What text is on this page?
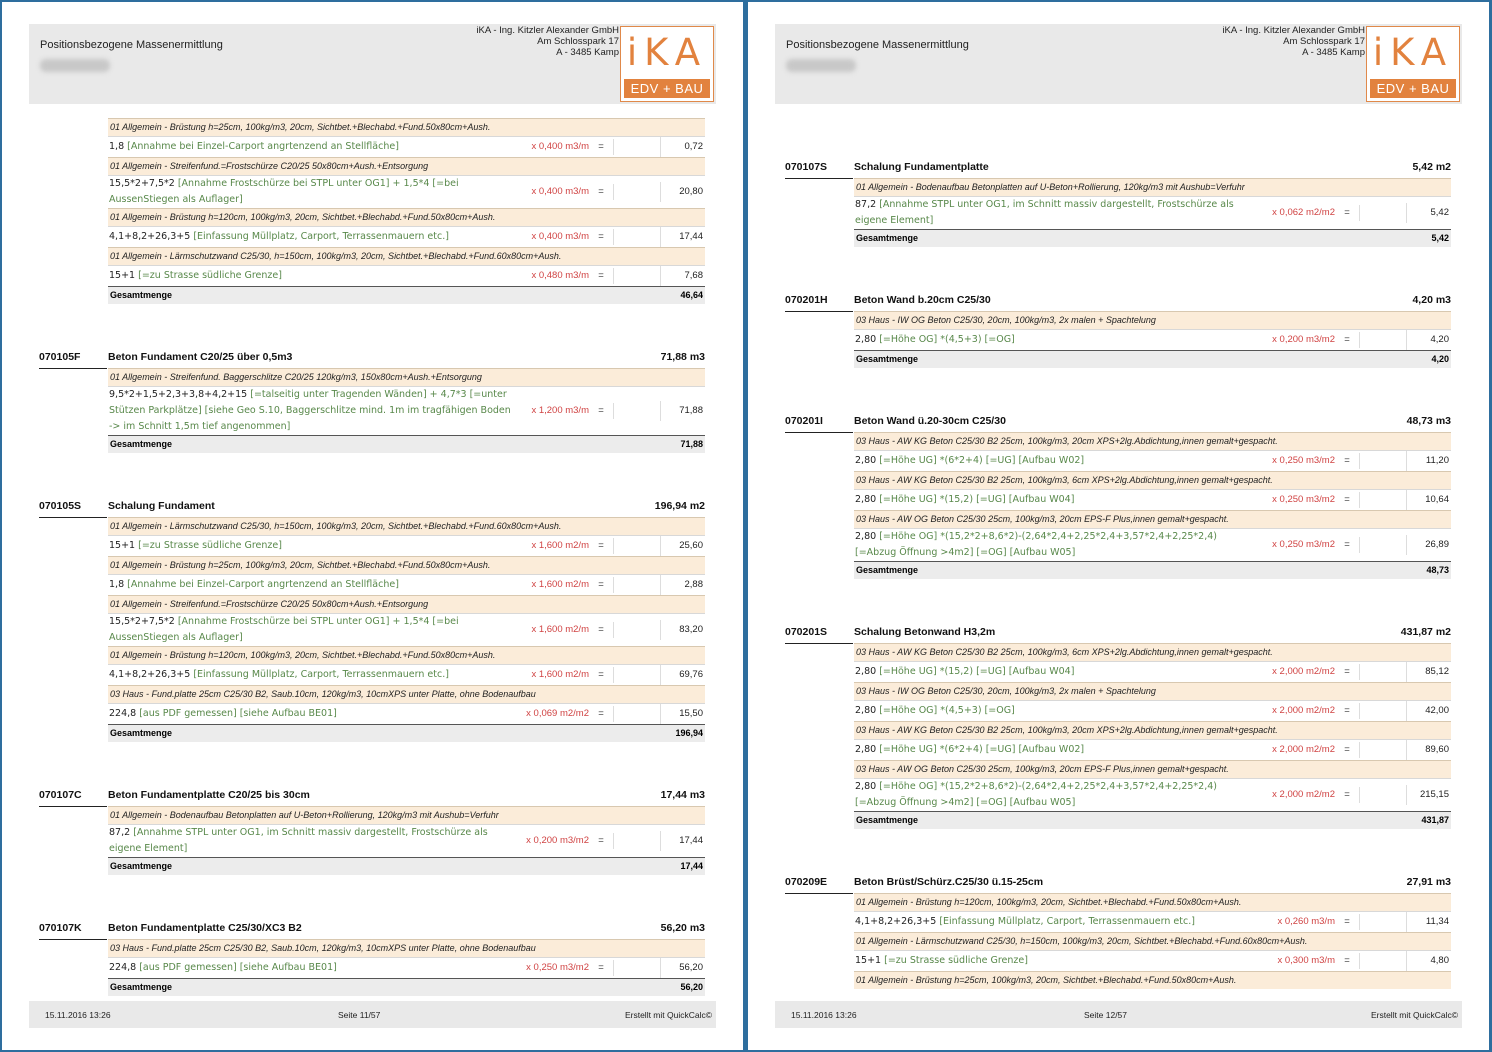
Positionsbezogene Massenermittlung
iKA - Ing. Kitzler Alexander GmbH
Am Schlosspark 17
A - 3485 Kamp iKA
EDV + BAU
01 Allgemein - Brüstung h=25cm, 100kg/m3, 20cm, Sichtbet.+Blechabd.+Fund.50x80cm+Aush.
1,8 [Annahme bei Einzel-Carport angrtenzend an Stellfläche]	x 0,400 m3/m =	0,72
01 Allgemein - Streifenfund.=Frostschürze C20/25 50x80cm+Aush.+Entsorgung
15,5*2+7,5*2 [Annahme Frostschürze bei STPL unter OG1] + 1,5*4 [=bei AussenStiegen als Auflager]
x 0,400 m3/m =	20,80
01 Allgemein - Brüstung h=120cm, 100kg/m3, 20cm, Sichtbet.+Blechabd.+Fund.50x80cm+Aush.
4,1+8,2+26,3+5 [Einfassung Müllplatz, Carport, Terrassenmauern etc.]	x 0,400 m3/m =	17,44
01 Allgemein - Lärmschutzwand C25/30, h=150cm, 100kg/m3, 20cm, Sichtbet.+Blechabd.+Fund.60x80cm+Aush.
15+1 [=zu Strasse südliche Grenze]	x 0,480 m3/m =	7,68
Gesamtmenge	46,64
070105F	Beton Fundament C20/25 über 0,5m3	71,88 m3
01 Allgemein - Streifenfund. Baggerschlitze C20/25 120kg/m3, 150x80cm+Aush.+Entsorgung
9,5*2+1,5+2,3+3,8+4,2+15 [=talseitig unter Tragenden Wänden] + 4,7*3 [=unter Stützen Parkplätze] [siehe Geo S.10, Baggerschlitze mind. 1m im tragfähigen Boden -> im Schnitt 1,5m tief angenommen]
x 1,200 m3/m =	71,88
Gesamtmenge	71,88
070105S	Schalung Fundament	196,94 m2
01 Allgemein - Lärmschutzwand C25/30, h=150cm, 100kg/m3, 20cm, Sichtbet.+Blechabd.+Fund.60x80cm+Aush.
15+1 [=zu Strasse südliche Grenze]	x 1,600 m2/m =	25,60
01 Allgemein - Brüstung h=25cm, 100kg/m3, 20cm, Sichtbet.+Blechabd.+Fund.50x80cm+Aush.
1,8 [Annahme bei Einzel-Carport angrtenzend an Stellfläche]	x 1,600 m2/m =	2,88
01 Allgemein - Streifenfund.=Frostschürze C20/25 50x80cm+Aush.+Entsorgung
15,5*2+7,5*2 [Annahme Frostschürze bei STPL unter OG1] + 1,5*4 [=bei AussenStiegen als Auflager]
x 1,600 m2/m =	83,20
01 Allgemein - Brüstung h=120cm, 100kg/m3, 20cm, Sichtbet.+Blechabd.+Fund.50x80cm+Aush.
4,1+8,2+26,3+5 [Einfassung Müllplatz, Carport, Terrassenmauern etc.]	x 1,600 m2/m =	69,76
03 Haus - Fund.platte 25cm C25/30 B2, Saub.10cm, 120kg/m3, 10cmXPS unter Platte, ohne Bodenaufbau
224,8 [aus PDF gemessen] [siehe Aufbau BE01]	x 0,069 m2/m2 =	15,50
Gesamtmenge	196,94
070107C	Beton Fundamentplatte C20/25 bis 30cm	17,44 m3
01 Allgemein - Bodenaufbau Betonplatten auf U-Beton+Rollierung, 120kg/m3 mit Aushub=Verfuhr
87,2 [Annahme STPL unter OG1, im Schnitt massiv dargestellt, Frostschürze als eigene Element]
x 0,200 m3/m2 =	17,44
Gesamtmenge	17,44
070107K	Beton Fundamentplatte C25/30/XC3 B2	56,20 m3
03 Haus - Fund.platte 25cm C25/30 B2, Saub.10cm, 120kg/m3, 10cmXPS unter Platte, ohne Bodenaufbau
224,8 [aus PDF gemessen] [siehe Aufbau BE01]	x 0,250 m3/m2 =	56,20
Gesamtmenge	56,20
15.11.2016 13:26	Seite 11/57	Erstellt mit QuickCalc©
Positionsbezogene Massenermittlung
iKA - Ing. Kitzler Alexander GmbH
Am Schlosspark 17
A - 3485 Kamp iKA
EDV + BAU
070107S	Schalung Fundamentplatte	5,42 m2
01 Allgemein - Bodenaufbau Betonplatten auf U-Beton+Rollierung, 120kg/m3 mit Aushub=Verfuhr
87,2 [Annahme STPL unter OG1, im Schnitt massiv dargestellt, Frostschürze als eigene Element]
x 0,062 m2/m2 =	5,42
Gesamtmenge	5,42
070201H	Beton Wand b.20cm C25/30	4,20 m3
03 Haus - IW OG Beton C25/30, 20cm, 100kg/m3, 2x malen + Spachtelung
2,80 [=Höhe OG] *(4,5+3) [=OG]	x 0,200 m3/m2 =	4,20
Gesamtmenge	4,20
070201I	Beton Wand ü.20-30cm C25/30	48,73 m3
03 Haus - AW KG Beton C25/30 B2 25cm, 100kg/m3, 20cm XPS+2lg.Abdichtung,innen gemalt+gespacht.
2,80 [=Höhe UG] *(6*2+4) [=UG] [Aufbau W02]	x 0,250 m3/m2 =	11,20
03 Haus - AW KG Beton C25/30 B2 25cm, 100kg/m3, 6cm XPS+2lg.Abdichtung,innen gemalt+gespacht.
2,80 [=Höhe UG] *(15,2) [=UG] [Aufbau W04]	x 0,250 m3/m2 =	10,64
03 Haus - AW OG Beton C25/30 25cm, 100kg/m3, 20cm EPS-F Plus,innen gemalt+gespacht.
2,80 [=Höhe OG] *(15,2*2+8,6*2)-(2,64*2,4+2,25*2,4+3,57*2,4+2,25*2,4) [=Abzug Öffnung >4m2] [=OG] [Aufbau W05]
x 0,250 m3/m2 =	26,89
Gesamtmenge	48,73
070201S	Schalung Betonwand H3,2m	431,87 m2
03 Haus - AW KG Beton C25/30 B2 25cm, 100kg/m3, 6cm XPS+2lg.Abdichtung,innen gemalt+gespacht.
2,80 [=Höhe UG] *(15,2) [=UG] [Aufbau W04]	x 2,000 m2/m2 =	85,12
03 Haus - IW OG Beton C25/30, 20cm, 100kg/m3, 2x malen + Spachtelung
2,80 [=Höhe OG] *(4,5+3) [=OG]	x 2,000 m2/m2 =	42,00
03 Haus - AW KG Beton C25/30 B2 25cm, 100kg/m3, 20cm XPS+2lg.Abdichtung,innen gemalt+gespacht.
2,80 [=Höhe UG] *(6*2+4) [=UG] [Aufbau W02]	x 2,000 m2/m2 =	89,60
03 Haus - AW OG Beton C25/30 25cm, 100kg/m3, 20cm EPS-F Plus,innen gemalt+gespacht.
2,80 [=Höhe OG] *(15,2*2+8,6*2)-(2,64*2,4+2,25*2,4+3,57*2,4+2,25*2,4) [=Abzug Öffnung >4m2] [=OG] [Aufbau W05]
x 2,000 m2/m2 =	215,15
Gesamtmenge	431,87
070209E	Beton Brüst/Schürz.C25/30 ü.15-25cm	27,91 m3
01 Allgemein - Brüstung h=120cm, 100kg/m3, 20cm, Sichtbet.+Blechabd.+Fund.50x80cm+Aush.
4,1+8,2+26,3+5 [Einfassung Müllplatz, Carport, Terrassenmauern etc.]	x 0,260 m3/m =	11,34
01 Allgemein - Lärmschutzwand C25/30, h=150cm, 100kg/m3, 20cm, Sichtbet.+Blechabd.+Fund.60x80cm+Aush.
15+1 [=zu Strasse südliche Grenze]	x 0,300 m3/m =	4,80
01 Allgemein - Brüstung h=25cm, 100kg/m3, 20cm, Sichtbet.+Blechabd.+Fund.50x80cm+Aush.
15.11.2016 13:26	Seite 12/57	Erstellt mit QuickCalc©
